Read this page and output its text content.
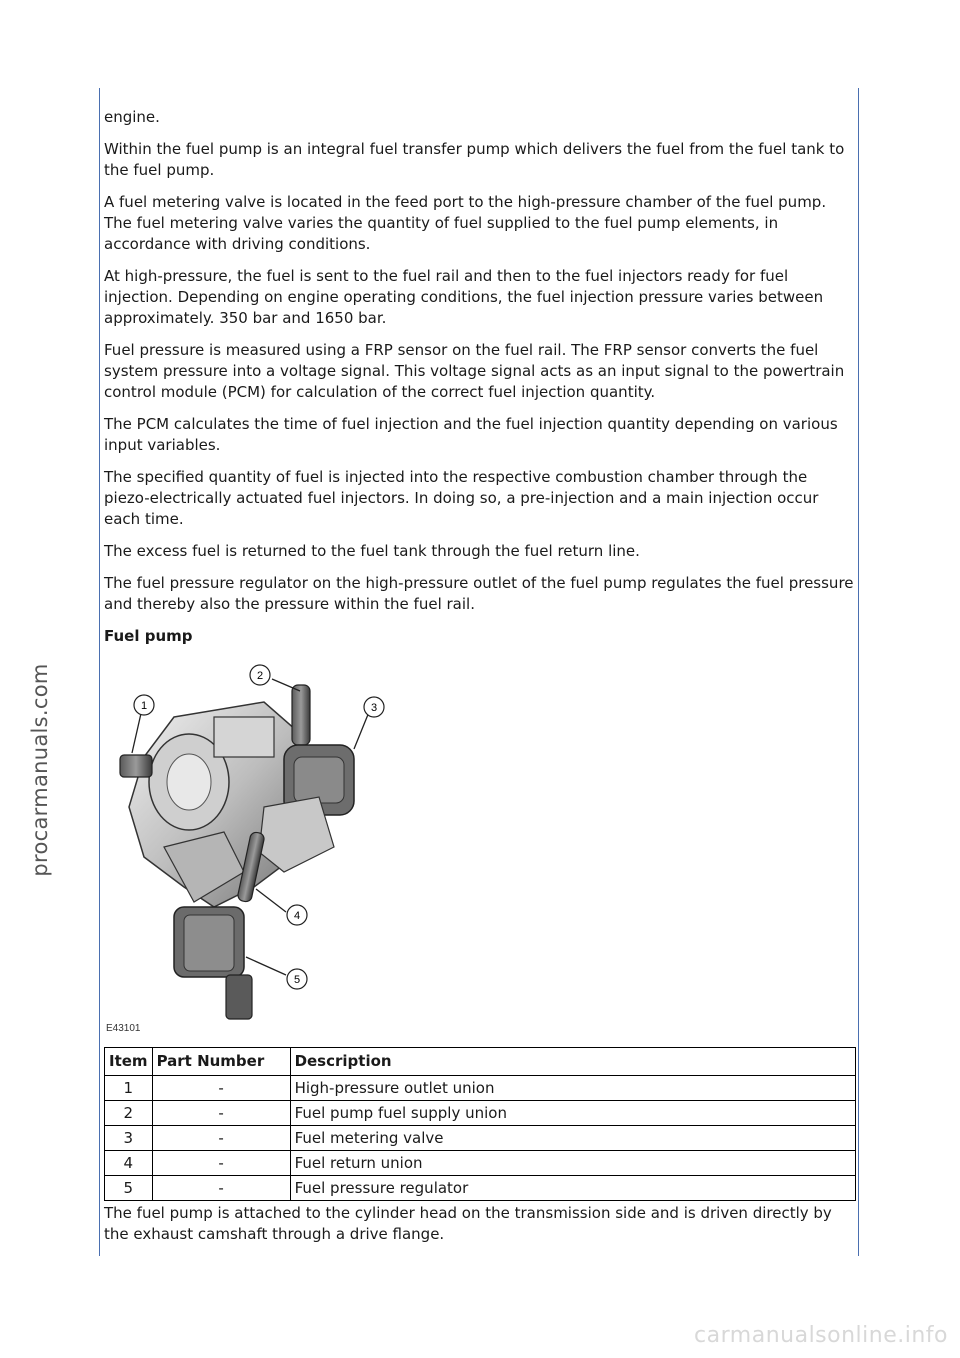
procarmanuals.com

engine.

Within the fuel pump is an integral fuel transfer pump which delivers the fuel from the fuel tank to the fuel pump.

A fuel metering valve is located in the feed port to the high-pressure chamber of the fuel pump. The fuel metering valve varies the quantity of fuel supplied to the fuel pump elements, in accordance with driving conditions.

At high-pressure, the fuel is sent to the fuel rail and then to the fuel injectors ready for fuel injection. Depending on engine operating conditions, the fuel injection pressure varies between approximately. 350 bar and 1650 bar.

Fuel pressure is measured using a FRP sensor on the fuel rail. The FRP sensor converts the fuel system pressure into a voltage signal. This voltage signal acts as an input signal to the powertrain control module (PCM) for calculation of the correct fuel injection quantity.

The PCM calculates the time of fuel injection and the fuel injection quantity depending on various input variables.

The specified quantity of fuel is injected into the respective combustion chamber through the piezo-electrically actuated fuel injectors. In doing so, a pre-injection and a main injection occur each time.

The excess fuel is returned to the fuel tank through the fuel return line.

The fuel pressure regulator on the high-pressure outlet of the fuel pump regulates the fuel pressure and thereby also the pressure within the fuel rail.

Fuel pump
1
2
3
4
5
E43101
Item	Part Number	Description
1	-	High-pressure outlet union
2	-	Fuel pump fuel supply union
3	-	Fuel metering valve
4	-	Fuel return union
5	-	Fuel pressure regulator
The fuel pump is attached to the cylinder head on the transmission side and is driven directly by the exhaust camshaft through a drive flange.
carmanualsonline.info
